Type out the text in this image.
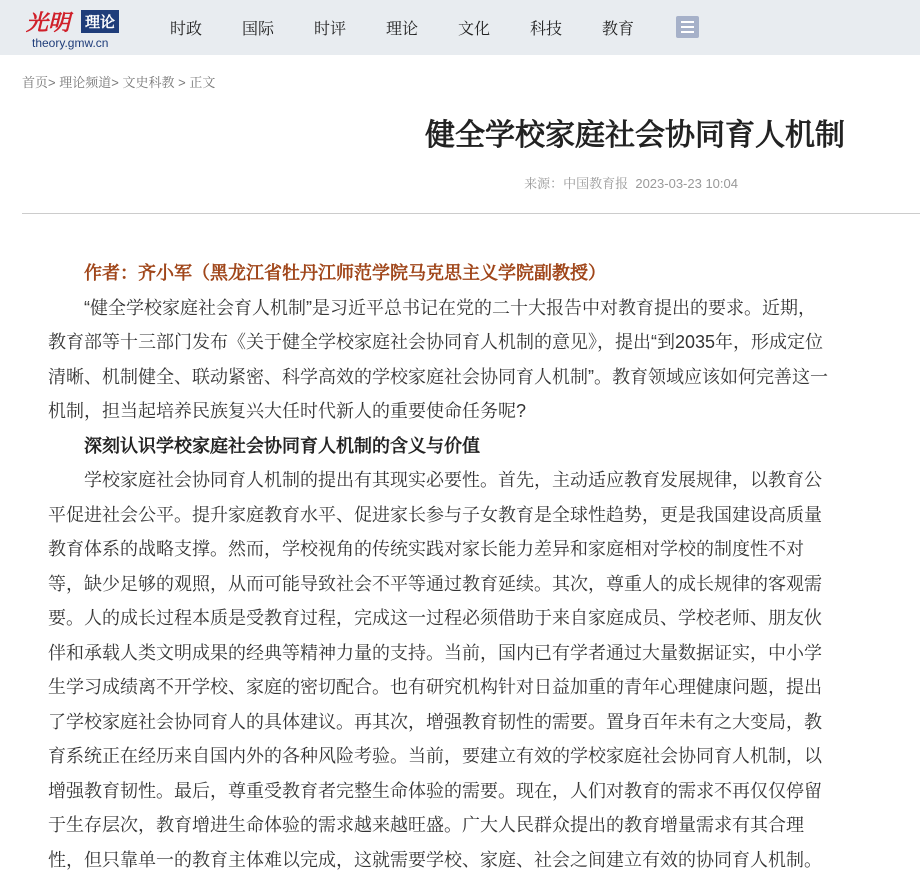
光明 理论
theory.gmw.cn
时政	国际	时评	理论	文化	科技	教育
首页> 理论频道> 文史科教 > 正文
健全学校家庭社会协同育人机制
来源：中国教育报 2023-03-23 10:04

作者：齐小军（黑龙江省牡丹江师范学院马克思主义学院副教授）

“健全学校家庭社会育人机制”是习近平总书记在党的二十大报告中对教育提出的要求。近期，教育部等十三部门发布《关于健全学校家庭社会协同育人机制的意见》，提出“到2035年，形成定位清晰、机制健全、联动紧密、科学高效的学校家庭社会协同育人机制”。教育领域应该如何完善这一机制，担当起培养民族复兴大任时代新人的重要使命任务呢?

深刻认识学校家庭社会协同育人机制的含义与价值

学校家庭社会协同育人机制的提出有其现实必要性。首先，主动适应教育发展规律，以教育公平促进社会公平。提升家庭教育水平、促进家长参与子女教育是全球性趋势，更是我国建设高质量教育体系的战略支撑。然而，学校视角的传统实践对家长能力差异和家庭相对学校的制度性不对等，缺少足够的观照，从而可能导致社会不平等通过教育延续。其次，尊重人的成长规律的客观需要。人的成长过程本质是受教育过程，完成这一过程必须借助于来自家庭成员、学校老师、朋友伙伴和承载人类文明成果的经典等精神力量的支持。当前，国内已有学者通过大量数据证实，中小学生学习成绩离不开学校、家庭的密切配合。也有研究机构针对日益加重的青年心理健康问题，提出了学校家庭社会协同育人的具体建议。再其次，增强教育韧性的需要。置身百年未有之大变局，教育系统正在经历来自国内外的各种风险考验。当前，要建立有效的学校家庭社会协同育人机制，以增强教育韧性。最后，尊重受教育者完整生命体验的需要。现在，人们对教育的需求不再仅仅停留于生存层次，教育增进生命体验的需求越来越旺盛。广大人民群众提出的教育增量需求有其合理性，但只靠单一的教育主体难以完成，这就需要学校、家庭、社会之间建立有效的协同育人机制。
